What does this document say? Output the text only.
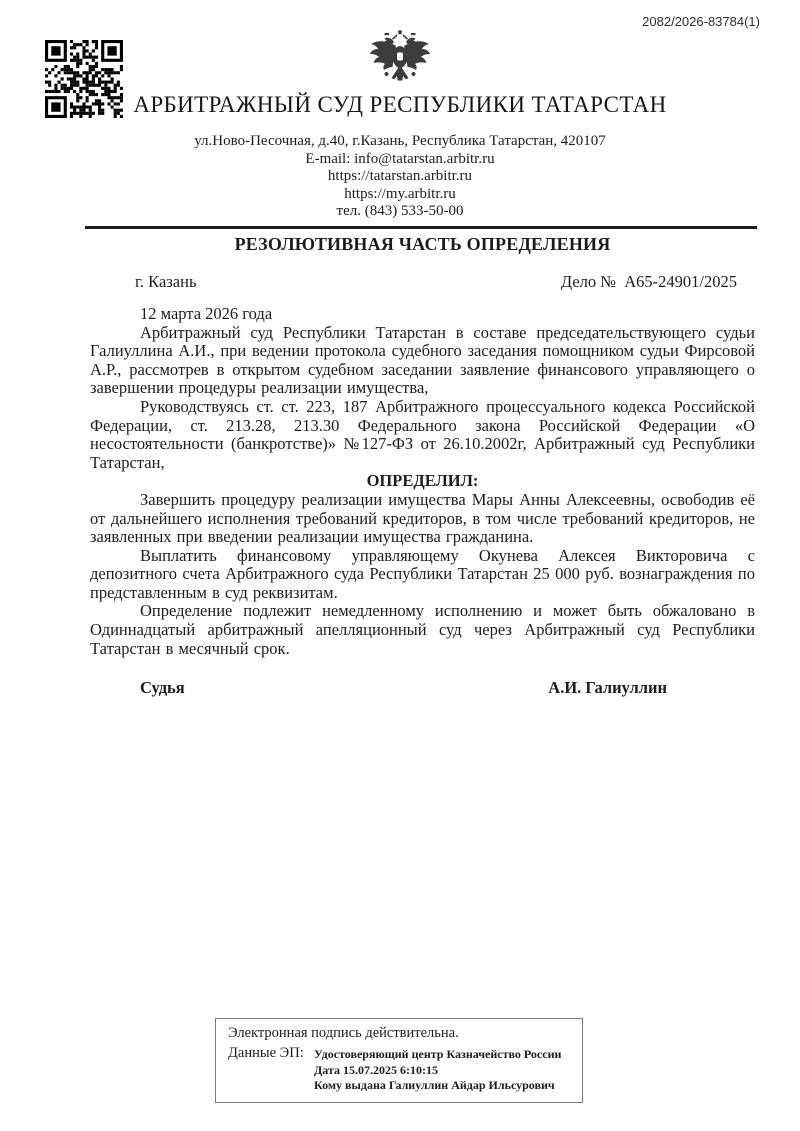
2082/2026-83784(1)
АРБИТРАЖНЫЙ СУД РЕСПУБЛИКИ ТАТАРСТАН
ул.Ново-Песочная, д.40, г.Казань, Республика Татарстан, 420107
E-mail: info@tatarstan.arbitr.ru
https://tatarstan.arbitr.ru
https://my.arbitr.ru
тел. (843) 533-50-00
РЕЗОЛЮТИВНАЯ ЧАСТЬ ОПРЕДЕЛЕНИЯ
г. Казань	Дело №  А65-24901/2025
12 марта 2026 года
Арбитражный суд Республики Татарстан в составе председательствующего судьи Галиуллина А.И., при ведении протокола судебного заседания помощником судьи Фирсовой А.Р., рассмотрев в открытом судебном заседании заявление финансового управляющего о завершении процедуры реализации имущества,
Руководствуясь ст. ст. 223, 187 Арбитражного процессуального кодекса Российской Федерации, ст. 213.28, 213.30 Федерального закона Российской Федерации «О несостоятельности (банкротстве)» №127-ФЗ от 26.10.2002г, Арбитражный суд Республики Татарстан,
ОПРЕДЕЛИЛ:
Завершить процедуру реализации имущества Мары Анны Алексеевны, освободив её от дальнейшего исполнения требований кредиторов, в том числе требований кредиторов, не заявленных при введении реализации имущества гражданина.
Выплатить финансовому управляющему Окунева Алексея Викторовича с депозитного счета Арбитражного суда Республики Татарстан 25 000 руб. вознаграждения по представленным в суд реквизитам.
Определение подлежит немедленному исполнению и может быть обжаловано в Одиннадцатый арбитражный апелляционный суд через Арбитражный суд Республики Татарстан в месячный срок.
Судья	А.И. Галиуллин
Электронная подпись действительна.
Данные ЭП: Удостоверяющий центр Казначейство России
Дата 15.07.2025 6:10:15
Кому выдана Галиуллин Айдар Ильсурович
